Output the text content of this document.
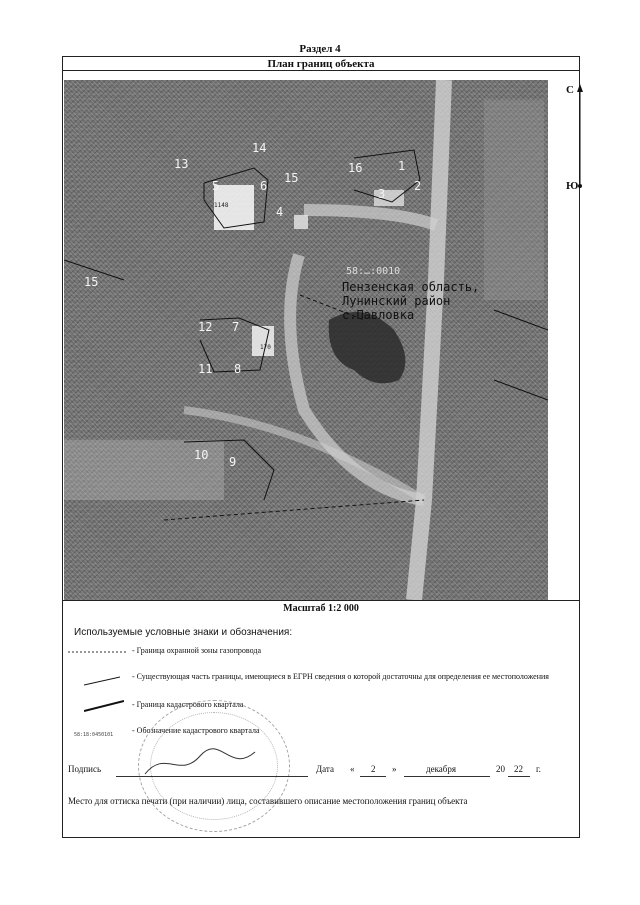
Раздел 4
План границ объекта
14
13
15
16	1
2
3
4
5	6
7
8
9
10
11
12
15
1148
170
58:…:0010
Пензенская область,
Лунинский район
с.Павловка
С
Ю
Масштаб 1:2 000
Используемые условные знаки и обозначения:
- Граница охранной зоны газопровода
- Существующая часть границы, имеющиеся в ЕГРН сведения о которой достаточны для определения ее местоположения
- Граница кадастрового квартала
58:18:0450101 - Обозначение кадастрового квартала
Подпись	Дата « 2 »	декабря	20 22 г.
Место для оттиска печати (при наличии) лица, составившего описание местоположения границ объекта
